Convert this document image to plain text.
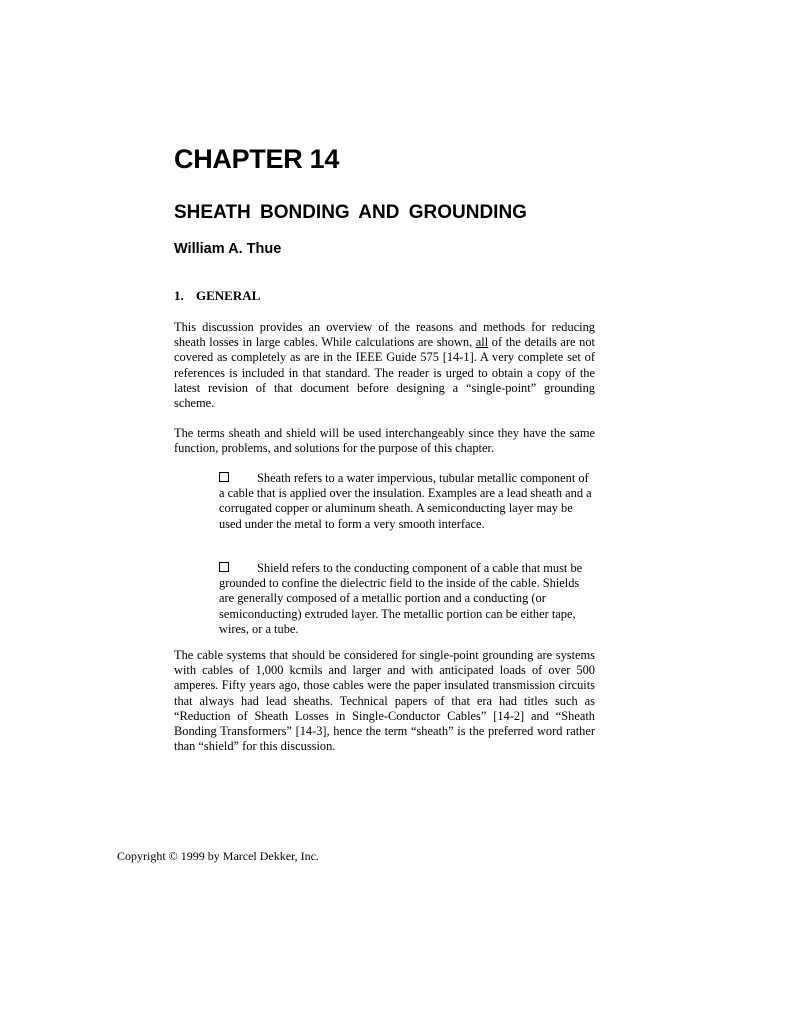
CHAPTER 14
SHEATH BONDING AND GROUNDING
William A. Thue
1. GENERAL

This discussion provides an overview of the reasons and methods for reducing sheath losses in large cables. While calculations are shown, all of the details are not covered as completely as are in the IEEE Guide 575 [14-1]. A very complete set of references is included in that standard. The reader is urged to obtain a copy of the latest revision of that document before designing a “single-point” grounding scheme.

The terms sheath and shield will be used interchangeably since they have the same function, problems, and solutions for the purpose of this chapter.

Sheath refers to a water impervious, tubular metallic component of a cable that is applied over the insulation. Examples are a lead sheath and a corrugated copper or aluminum sheath. A semiconducting layer may be used under the metal to form a very smooth interface.

Shield refers to the conducting component of a cable that must be grounded to confine the dielectric field to the inside of the cable. Shields are generally composed of a metallic portion and a conducting (or semiconducting) extruded layer. The metallic portion can be either tape, wires, or a tube.

The cable systems that should be considered for single-point grounding are systems with cables of 1,000 kcmils and larger and with anticipated loads of over 500 amperes. Fifty years ago, those cables were the paper insulated transmission circuits that always had lead sheaths. Technical papers of that era had titles such as “Reduction of Sheath Losses in Single-Conductor Cables” [14-2] and “Sheath Bonding Transformers” [14-3], hence the term “sheath” is the preferred word rather than “shield” for this discussion.

Copyright © 1999 by Marcel Dekker, Inc.
